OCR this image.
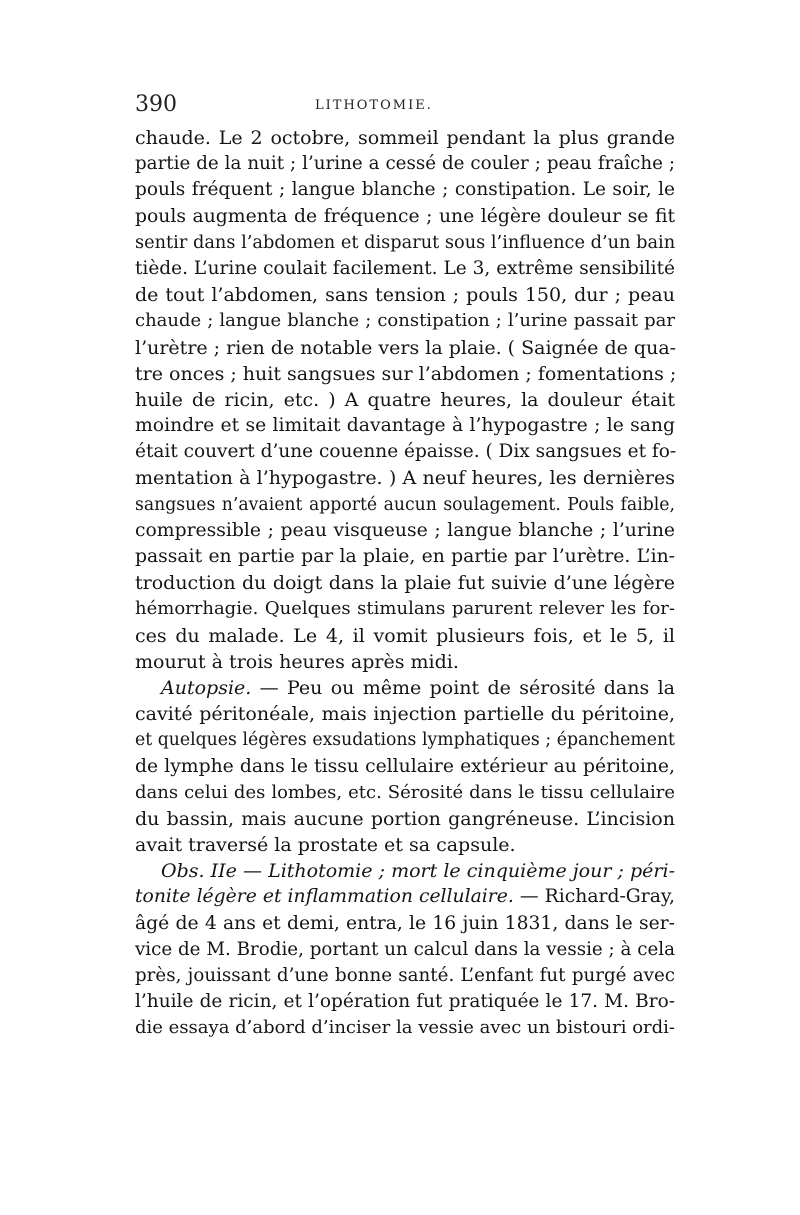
390	LITHOTOMIE.
chaude. Le 2 octobre, sommeil pendant la plus grande
partie de la nuit ; l’urine a cessé de couler ; peau fraîche ;
pouls fréquent ; langue blanche ; constipation. Le soir, le
pouls augmenta de fréquence ; une légère douleur se fit
sentir dans l’abdomen et disparut sous l’influence d’un bain
tiède. L’urine coulait facilement. Le 3, extrême sensibilité
de tout l’abdomen, sans tension ; pouls 150, dur ; peau
chaude ; langue blanche ; constipation ; l’urine passait par
l’urètre ; rien de notable vers la plaie. ( Saignée de qua-
tre onces ; huit sangsues sur l’abdomen ; fomentations ;
huile de ricin, etc. ) A quatre heures, la douleur était
moindre et se limitait davantage à l’hypogastre ; le sang
était couvert d’une couenne épaisse. ( Dix sangsues et fo-
mentation à l’hypogastre. ) A neuf heures, les dernières
sangsues n’avaient apporté aucun soulagement. Pouls faible,
compressible ; peau visqueuse ; langue blanche ; l’urine
passait en partie par la plaie, en partie par l’urètre. L’in-
troduction du doigt dans la plaie fut suivie d’une légère
hémorrhagie. Quelques stimulans parurent relever les for-
ces du malade. Le 4, il vomit plusieurs fois, et le 5, il
mourut à trois heures après midi.
Autopsie. — Peu ou même point de sérosité dans la
cavité péritonéale, mais injection partielle du péritoine,
et quelques légères exsudations lymphatiques ; épanchement
de lymphe dans le tissu cellulaire extérieur au péritoine,
dans celui des lombes, etc. Sérosité dans le tissu cellulaire
du bassin, mais aucune portion gangréneuse. L’incision
avait traversé la prostate et sa capsule.
Obs. IIe — Lithotomie ; mort le cinquième jour ; péri-
tonite légère et inflammation cellulaire. — Richard-Gray,
âgé de 4 ans et demi, entra, le 16 juin 1831, dans le ser-
vice de M. Brodie, portant un calcul dans la vessie ; à cela
près, jouissant d’une bonne santé. L’enfant fut purgé avec
l’huile de ricin, et l’opération fut pratiquée le 17. M. Bro-
die essaya d’abord d’inciser la vessie avec un bistouri ordi-
